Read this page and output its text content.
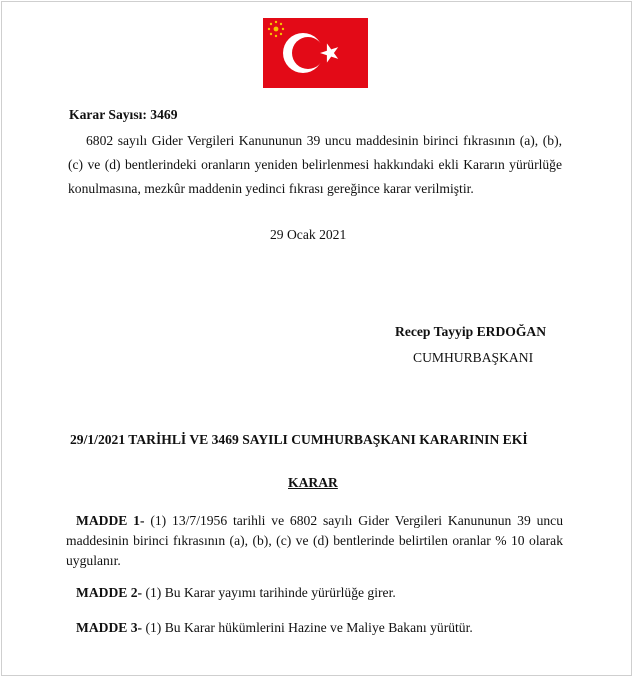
Karar Sayısı: 3469
6802 sayılı Gider Vergileri Kanununun 39 uncu maddesinin birinci fıkrasının (a), (b),
(c) ve (d) bentlerindeki oranların yeniden belirlenmesi hakkındaki ekli Kararın yürürlüğe
konulmasına, mezkûr maddenin yedinci fıkrası gereğince karar verilmiştir.
29 Ocak 2021
Recep Tayyip ERDOĞAN
CUMHURBAŞKANI
29/1/2021 TARİHLİ VE 3469 SAYILI CUMHURBAŞKANI KARARININ EKİ
KARAR
MADDE 1- (1) 13/7/1956 tarihli ve 6802 sayılı Gider Vergileri Kanununun 39 uncu
maddesinin birinci fıkrasının (a), (b), (c) ve (d) bentlerinde belirtilen oranlar % 10 olarak
uygulanır.
MADDE 2- (1) Bu Karar yayımı tarihinde yürürlüğe girer.
MADDE 3- (1) Bu Karar hükümlerini Hazine ve Maliye Bakanı yürütür.
